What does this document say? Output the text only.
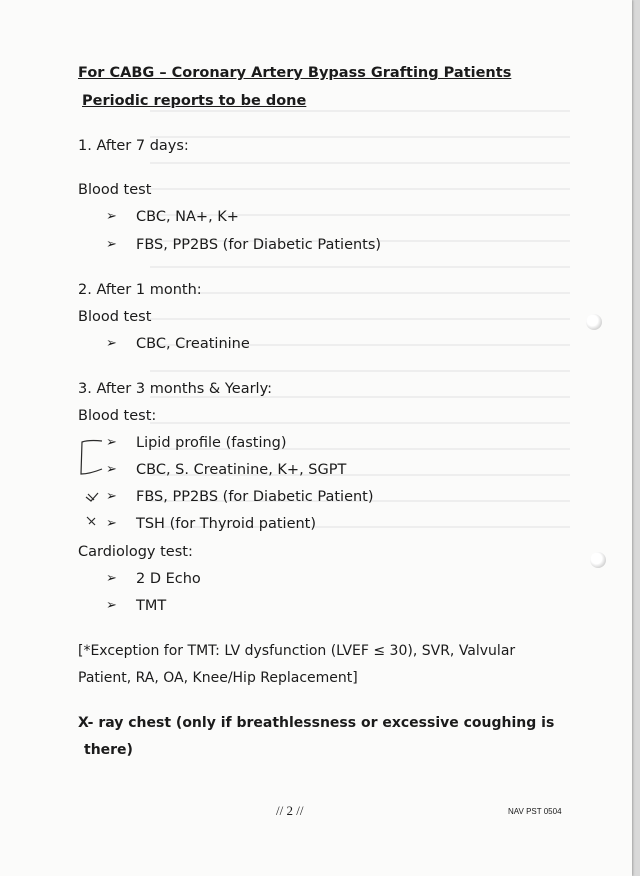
For CABG – Coronary Artery Bypass Grafting Patients
Periodic reports to be done
1. After 7 days:
Blood test
➢ CBC, NA+, K+
➢ FBS, PP2BS (for Diabetic Patients)
2. After 1 month:
Blood test
➢ CBC, Creatinine
3. After 3 months & Yearly:
Blood test:
➢ Lipid profile (fasting)
➢ CBC, S. Creatinine, K+, SGPT
➢ FBS, PP2BS (for Diabetic Patient)
➢ TSH (for Thyroid patient)
Cardiology test:
➢ 2 D Echo
➢ TMT
[*Exception for TMT: LV dysfunction (LVEF ≤ 30), SVR, Valvular
Patient, RA, OA, Knee/Hip Replacement]
X- ray chest (only if breathlessness or excessive coughing is
there)
// 2 //	NAV PST 0504
